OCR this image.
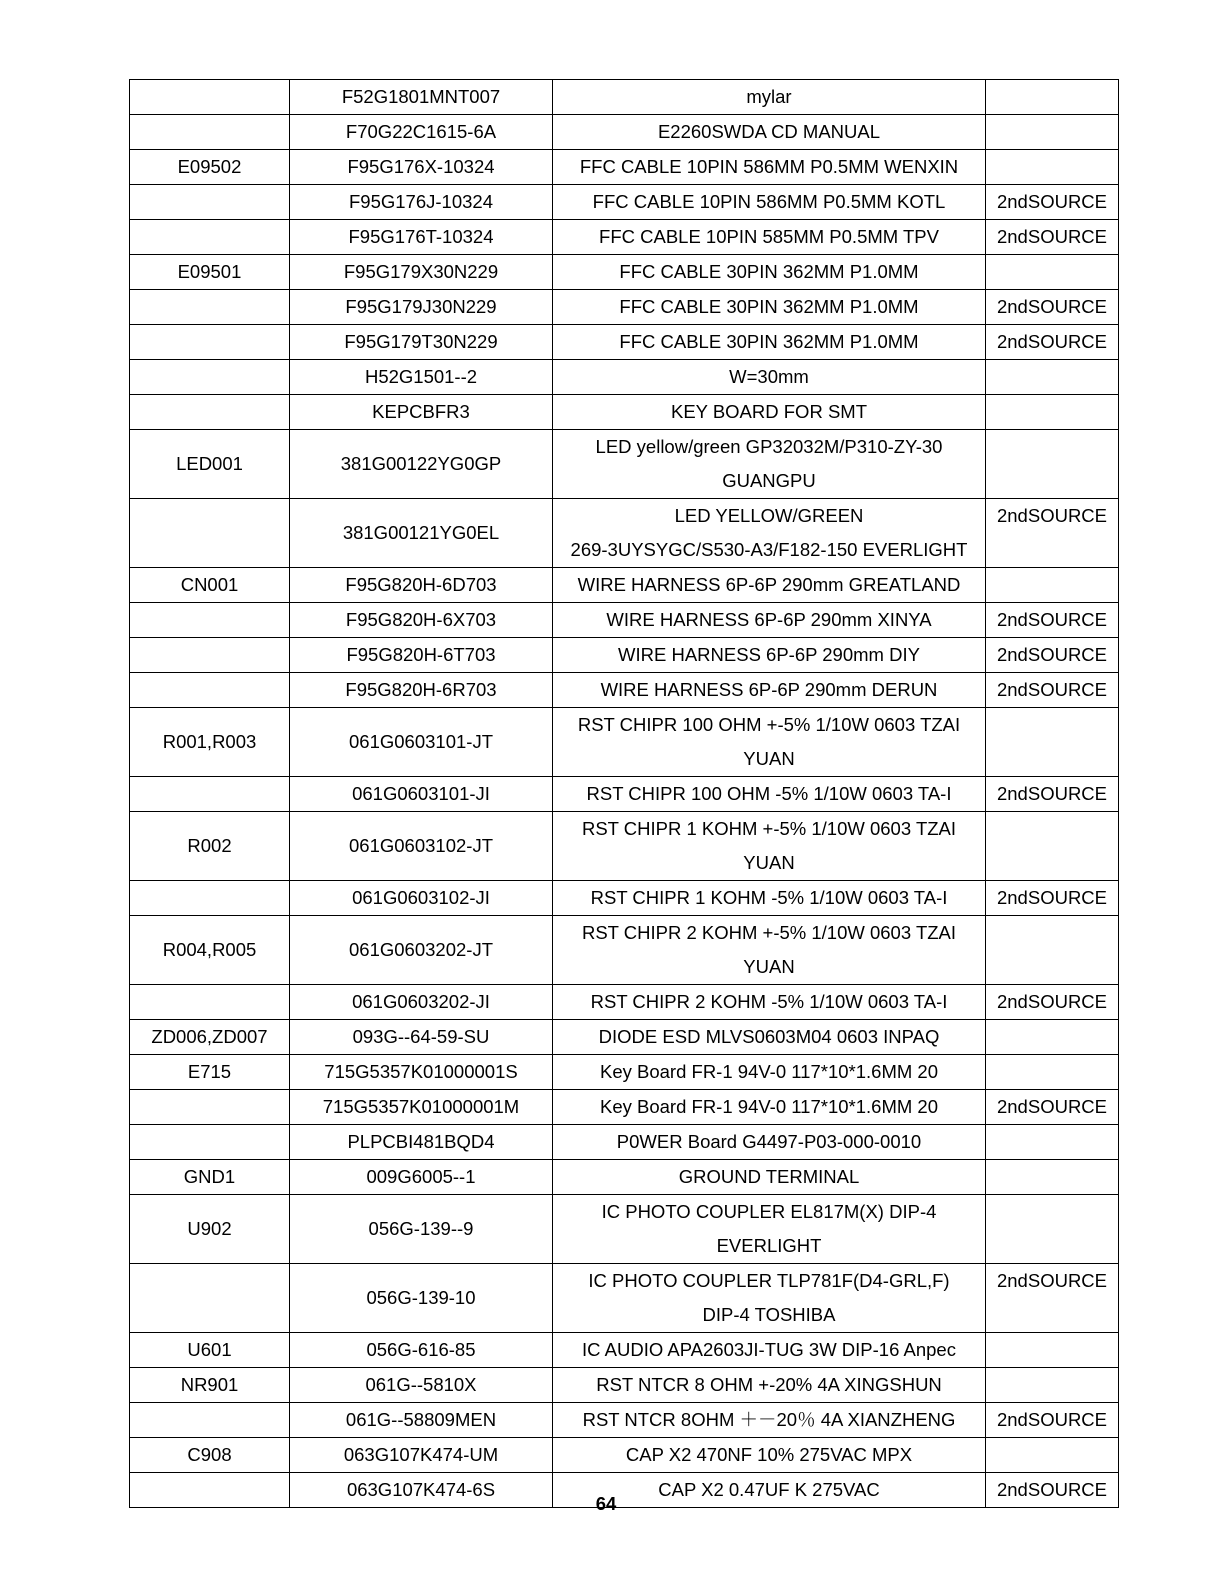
	F52G1801MNT007	mylar	

	F70G22C1615-6A	E2260SWDA CD MANUAL	

E09502	F95G176X-10324	FFC CABLE 10PIN 586MM P0.5MM WENXIN	

	F95G176J-10324	FFC CABLE 10PIN 586MM P0.5MM KOTL	2ndSOURCE
	F95G176T-10324	FFC CABLE 10PIN 585MM P0.5MM TPV	2ndSOURCE
E09501	F95G179X30N229	FFC CABLE 30PIN 362MM P1.0MM	

	F95G179J30N229	FFC CABLE 30PIN 362MM P1.0MM	2ndSOURCE
	F95G179T30N229	FFC CABLE 30PIN 362MM P1.0MM	2ndSOURCE
	H52G1501--2	W=30mm	

	KEPCBFR3	KEY BOARD FOR SMT	

LED001	381G00122YG0GP	LED yellow/green GP32032M/P310-ZY-30
GUANGPU	

	381G00121YG0EL	LED YELLOW/GREEN
269-3UYSYGC/S530-A3/F182-150 EVERLIGHT	2ndSOURCE
CN001	F95G820H-6D703	WIRE HARNESS 6P-6P 290mm GREATLAND	

	F95G820H-6X703	WIRE HARNESS 6P-6P 290mm XINYA	2ndSOURCE
	F95G820H-6T703	WIRE HARNESS 6P-6P 290mm DIY	2ndSOURCE
	F95G820H-6R703	WIRE HARNESS 6P-6P 290mm DERUN	2ndSOURCE
R001,R003	061G0603101-JT	RST CHIPR 100 OHM +-5% 1/10W 0603 TZAI
YUAN	

	061G0603101-JI	RST CHIPR 100 OHM -5% 1/10W 0603 TA-I	2ndSOURCE
R002	061G0603102-JT	RST CHIPR 1 KOHM +-5% 1/10W 0603 TZAI
YUAN	

	061G0603102-JI	RST CHIPR 1 KOHM -5% 1/10W 0603 TA-I	2ndSOURCE
R004,R005	061G0603202-JT	RST CHIPR 2 KOHM +-5% 1/10W 0603 TZAI
YUAN	

	061G0603202-JI	RST CHIPR 2 KOHM -5% 1/10W 0603 TA-I	2ndSOURCE
ZD006,ZD007	093G--64-59-SU	DIODE ESD MLVS0603M04 0603 INPAQ	

E715	715G5357K01000001S	Key Board FR-1 94V-0 117*10*1.6MM 20	

	715G5357K01000001M	Key Board FR-1 94V-0 117*10*1.6MM 20	2ndSOURCE
	PLPCBI481BQD4	P0WER Board G4497-P03-000-0010	

GND1	009G6005--1	GROUND TERMINAL	

U902	056G-139--9	IC PHOTO COUPLER EL817M(X) DIP-4
EVERLIGHT	

	056G-139-10	IC PHOTO COUPLER TLP781F(D4-GRL,F)
DIP-4 TOSHIBA	2ndSOURCE
U601	056G-616-85	IC AUDIO APA2603JI-TUG 3W DIP-16 Anpec	

NR901	061G--5810X	RST NTCR 8 OHM +-20% 4A XINGSHUN	

	061G--58809MEN	RST NTCR 8OHM ＋－20％ 4A XIANZHENG	2ndSOURCE
C908	063G107K474-UM	CAP X2 470NF 10% 275VAC MPX	

	063G107K474-6S	CAP X2 0.47UF K 275VAC	2ndSOURCE
64
